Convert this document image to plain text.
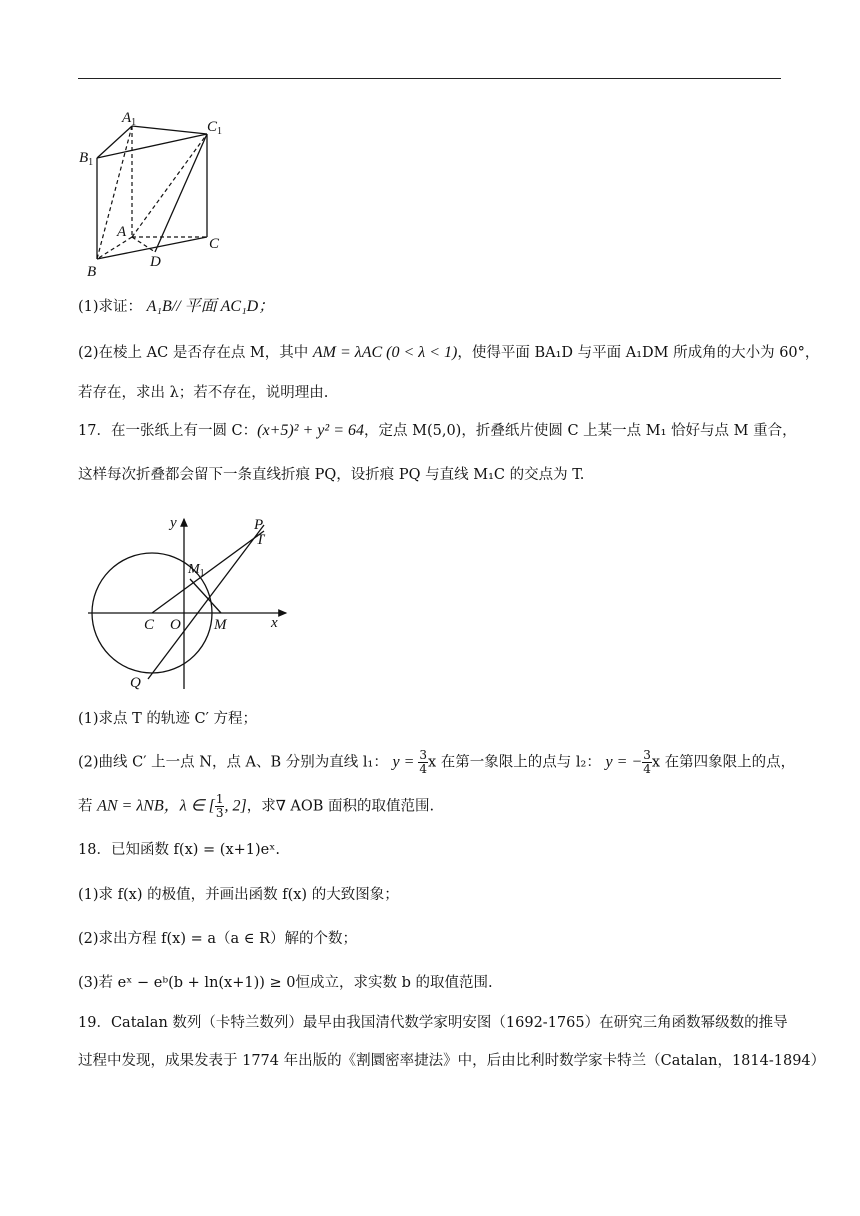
$A_1$	$C_1$
$B_1$
A
C
B
D
(1)求证： A₁B// 平面 AC₁D；
(2)在棱上 AC 是否存在点 M，其中 AM = λAC (0 < λ < 1)，使得平面 BA₁D 与平面 A₁DM 所成角的大小为 60°，
若存在，求出 λ；若不存在，说明理由.
17．在一张纸上有一圆 C：(x+5)² + y² = 64，定点 M(5,0)，折叠纸片使圆 C 上某一点 M₁ 恰好与点 M 重合，
这样每次折叠都会留下一条直线折痕 PQ，设折痕 PQ 与直线 M₁C 的交点为 T.
y	P
T
$M_1$
C O M	x
Q
(1)求点 T 的轨迹 C′ 方程；
(2)曲线 C′ 上一点 N，点 A、B 分别为直线 l₁： $y = \frac{3}{4}$ x 在第一象限上的点与 l₂： y = − $\frac{3}{4}$ x 在第四象限上的点，
若 AN = λNB，λ ∈ [ $\frac{1}{3}$ , 2]，求∇ AOB 面积的取值范围.
18．已知函数 f(x) = (x+1)eˣ.
(1)求 f(x) 的极值，并画出函数 f(x) 的大致图象；
(2)求出方程 f(x) = a（a ∈ R）解的个数；
(3)若 eˣ − eᵇ(b + ln(x+1)) ≥ 0恒成立，求实数 b 的取值范围.
19．Catalan 数列（卡特兰数列）最早由我国清代数学家明安图（1692-1765）在研究三角函数幂级数的推导
过程中发现，成果发表于 1774 年出版的《割圜密率捷法》中，后由比利时数学家卡特兰（Catalan，1814-1894）
